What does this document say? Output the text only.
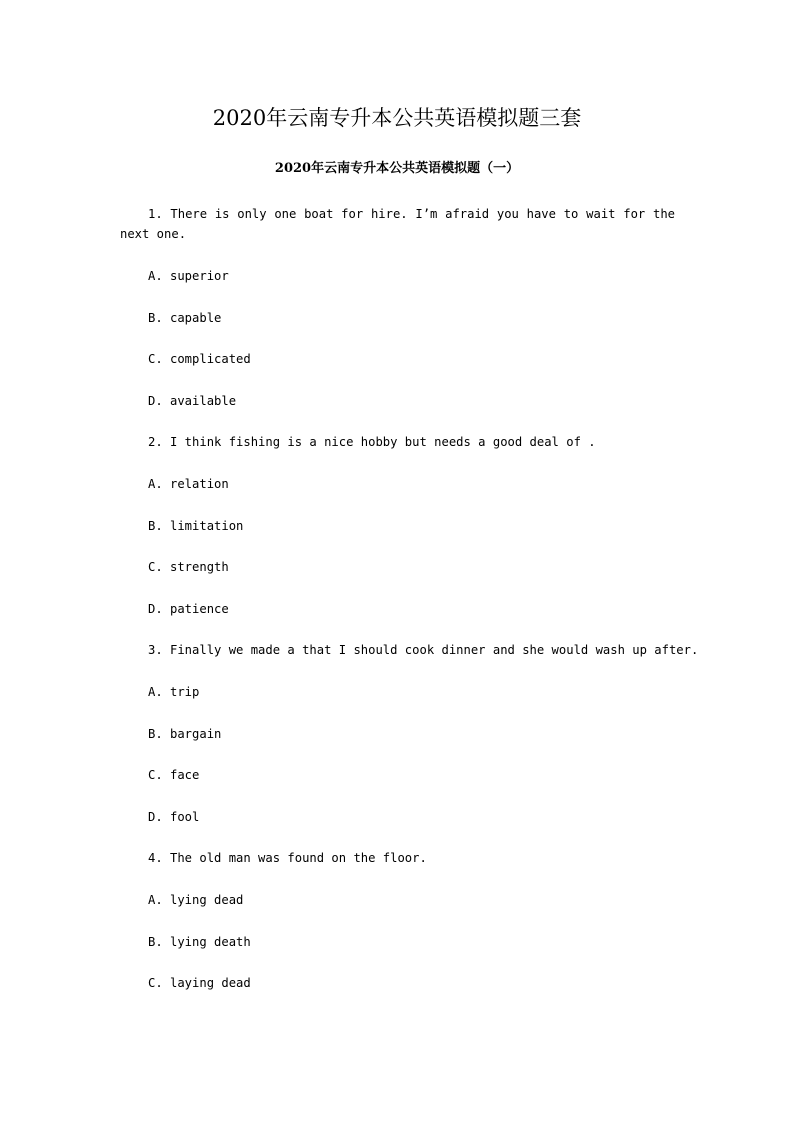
2020年云南专升本公共英语模拟题三套
2020年云南专升本公共英语模拟题（一）
1. There is only one boat for hire. I’m afraid you have to wait for the
next one.
A. superior
B. capable
C. complicated
D. available
2. I think fishing is a nice hobby but needs a good deal of .
A. relation
B. limitation
C. strength
D. patience
3. Finally we made a that I should cook dinner and she would wash up after.
A. trip
B. bargain
C. face
D. fool
4. The old man was found on the floor.
A. lying dead
B. lying death
C. laying dead
